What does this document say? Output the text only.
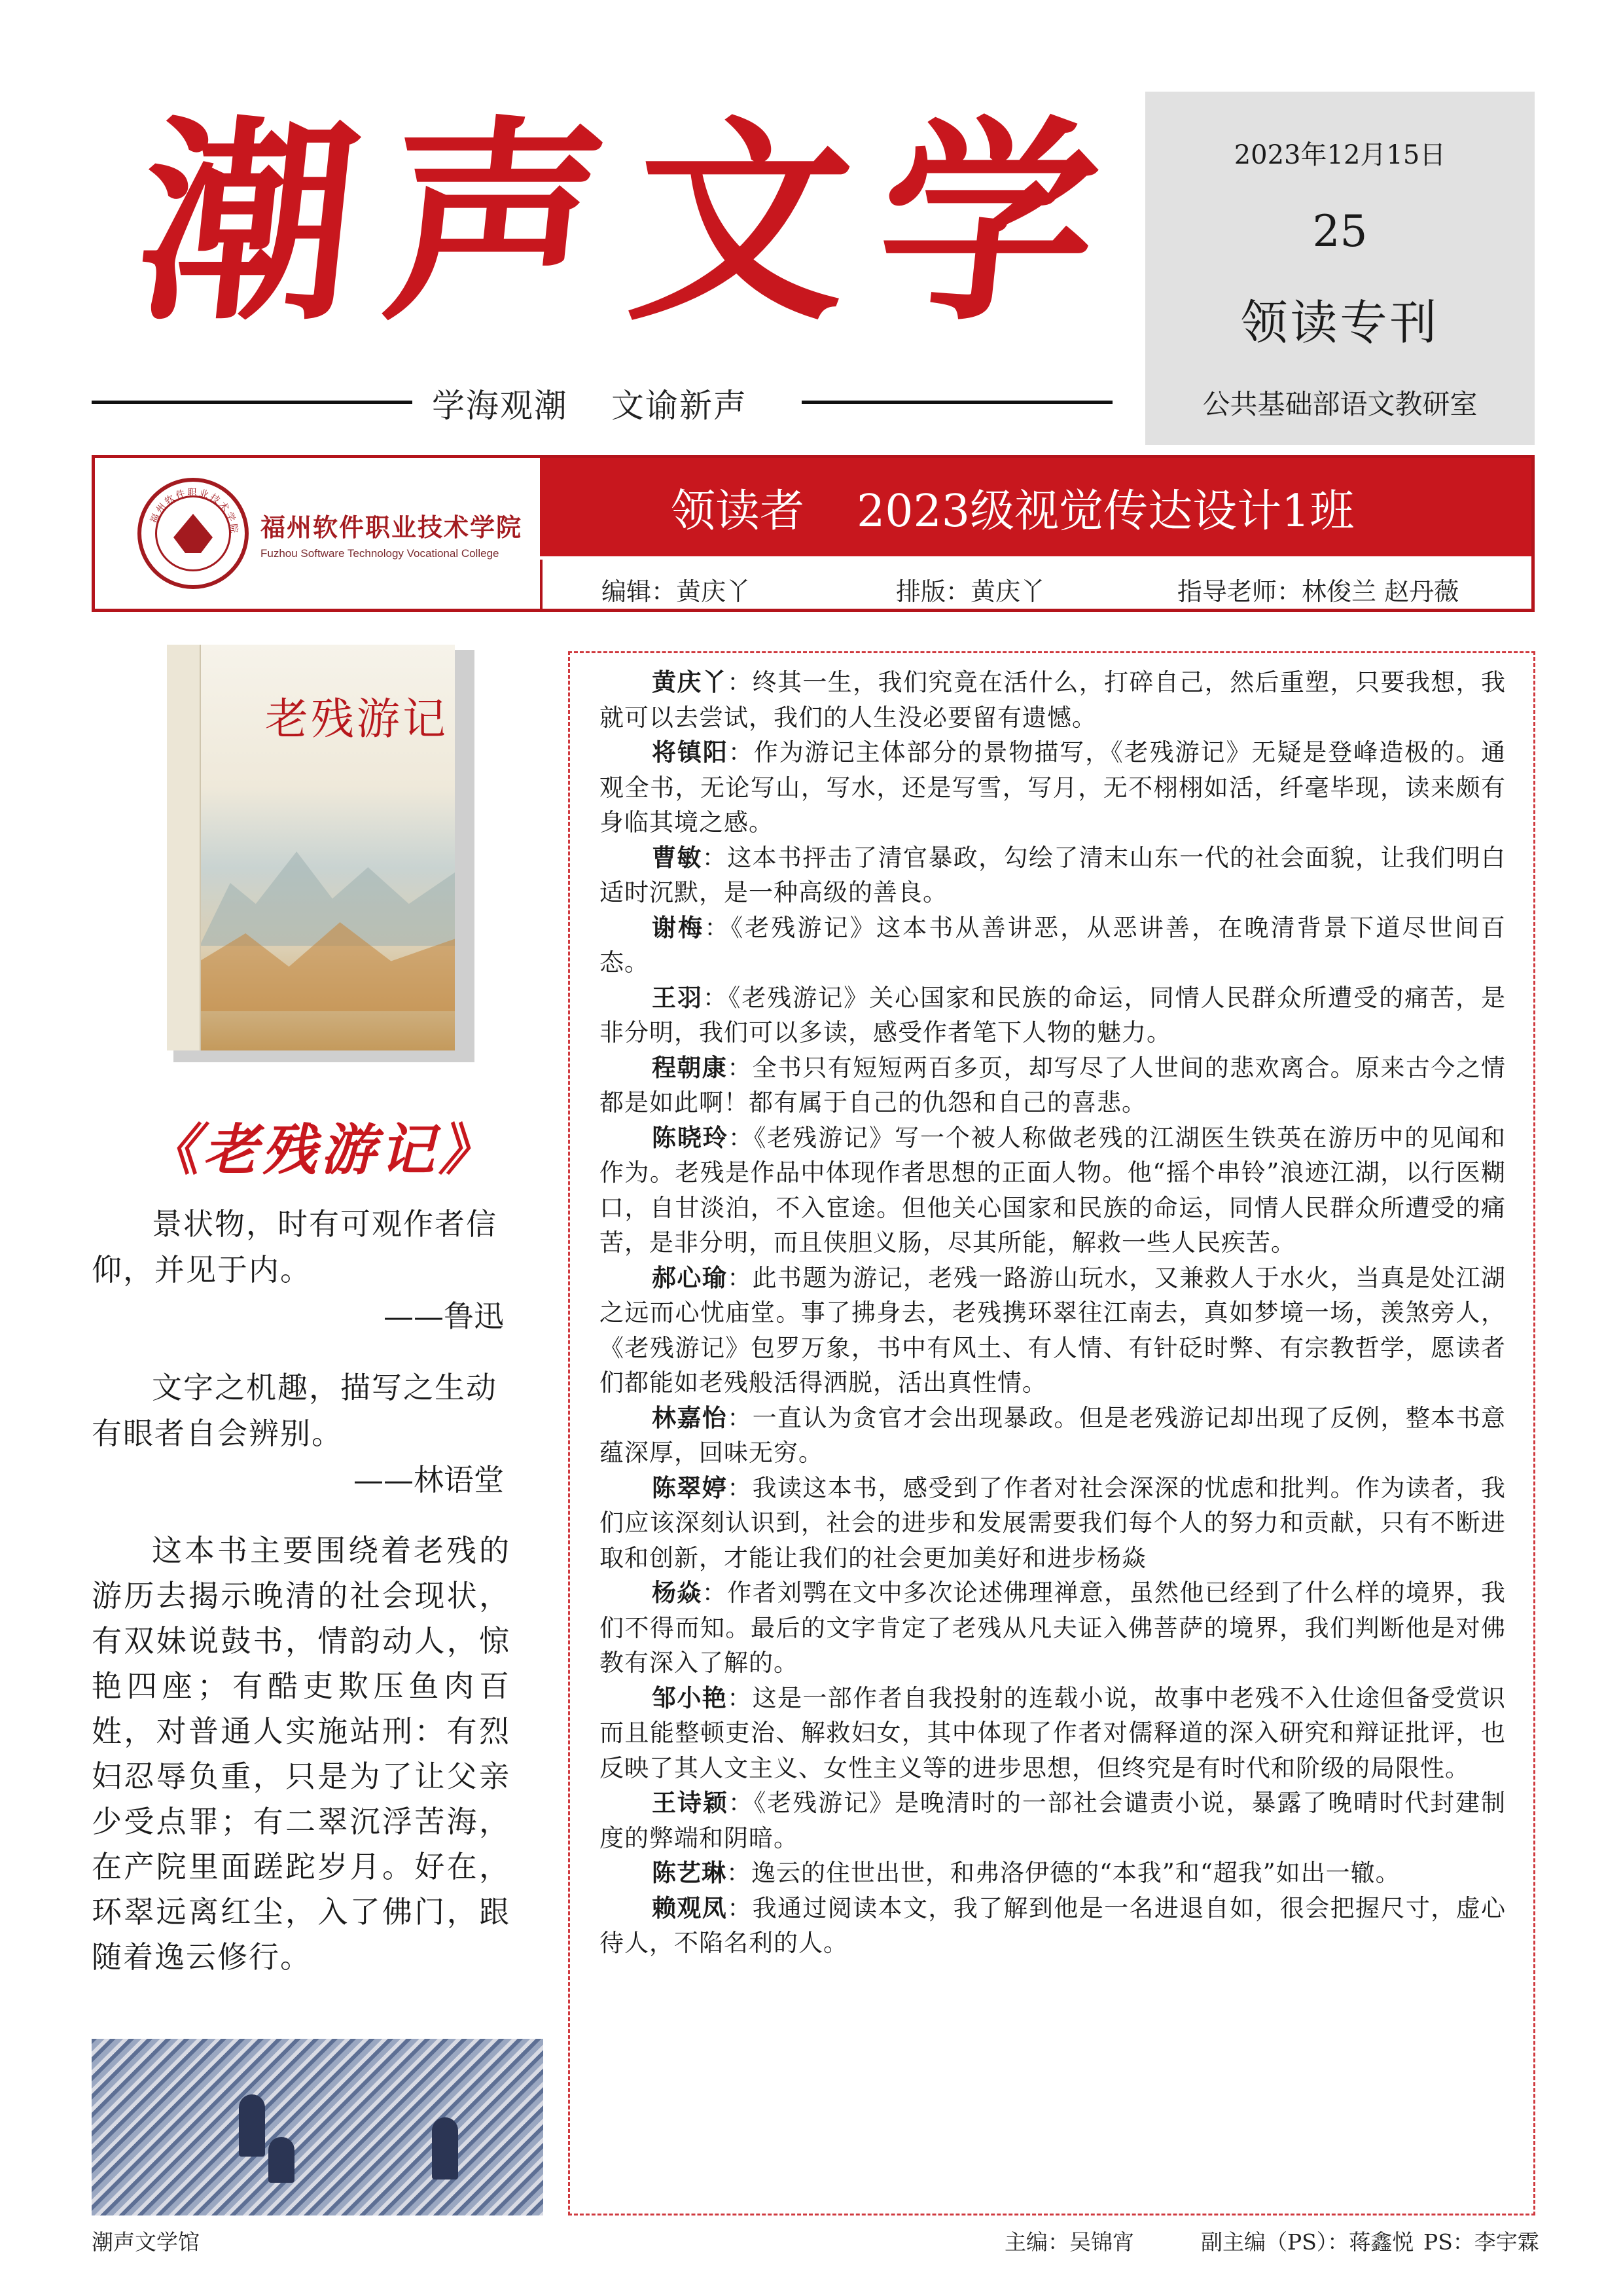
潮 声 文 学
学海观潮 文谕新声
2023年12月15日
25
领读专刊
公共基础部语文教研室
福州软件职业技术学院 福州软件职业技术学院
Fuzhou Software Technology Vocational College
领读者 2023级视觉传达设计1班
编辑：黄庆丫	排版：黄庆丫	指导老师：林俊兰 赵丹薇
老残游记
《老残游记》
景状物，时有可观作者信仰，并见于内。
——鲁迅
文字之机趣，描写之生动有眼者自会辨别。
——林语堂
这本书主要围绕着老残的游历去揭示晚清的社会现状，有双妹说鼓书，情韵动人，惊艳四座；有酷吏欺压鱼肉百姓，对普通人实施站刑：有烈妇忍辱负重，只是为了让父亲少受点罪；有二翠沉浮苦海，在产院里面蹉跎岁月。好在，环翠远离红尘，入了佛门，跟随着逸云修行。

黄庆丫：终其一生，我们究竟在活什么，打碎自己，然后重塑，只要我想，我就可以去尝试，我们的人生没必要留有遗憾。

将镇阳：作为游记主体部分的景物描写，《老残游记》无疑是登峰造极的。通观全书，无论写山，写水，还是写雪，写月，无不栩栩如活，纤毫毕现，读来颇有身临其境之感。

曹敏：这本书抨击了清官暴政，勾绘了清末山东一代的社会面貌，让我们明白适时沉默，是一种高级的善良。

谢梅：《老残游记》这本书从善讲恶，从恶讲善，在晚清背景下道尽世间百态。

王羽：《老残游记》关心国家和民族的命运，同情人民群众所遭受的痛苦，是非分明，我们可以多读，感受作者笔下人物的魅力。

程朝康：全书只有短短两百多页，却写尽了人世间的悲欢离合。原来古今之情都是如此啊！都有属于自己的仇怨和自己的喜悲。

陈晓玲：《老残游记》写一个被人称做老残的江湖医生铁英在游历中的见闻和作为。老残是作品中体现作者思想的正面人物。他“摇个串铃”浪迹江湖，以行医糊口，自甘淡泊，不入宦途。但他关心国家和民族的命运，同情人民群众所遭受的痛苦，是非分明，而且侠胆义肠，尽其所能，解救一些人民疾苦。

郝心瑜：此书题为游记，老残一路游山玩水，又兼救人于水火，当真是处江湖之远而心忧庙堂。事了拂身去，老残携环翠往江南去，真如梦境一场，羡煞旁人，《老残游记》包罗万象，书中有风土、有人情、有针砭时弊、有宗教哲学，愿读者们都能如老残般活得洒脱，活出真性情。

林嘉怡：一直认为贪官才会出现暴政。但是老残游记却出现了反例，整本书意蕴深厚，回味无穷。

陈翠婷：我读这本书，感受到了作者对社会深深的忧虑和批判。作为读者，我们应该深刻认识到，社会的进步和发展需要我们每个人的努力和贡献，只有不断进取和创新，才能让我们的社会更加美好和进步杨焱

杨焱：作者刘鹗在文中多次论述佛理禅意，虽然他已经到了什么样的境界，我们不得而知。最后的文字肯定了老残从凡夫证入佛菩萨的境界，我们判断他是对佛教有深入了解的。

邹小艳：这是一部作者自我投射的连载小说，故事中老残不入仕途但备受赏识而且能整顿吏治、解救妇女，其中体现了作者对儒释道的深入研究和辩证批评，也反映了其人文主义、女性主义等的进步思想，但终究是有时代和阶级的局限性。

王诗颖：《老残游记》是晚清时的一部社会谴责小说，暴露了晚晴时代封建制度的弊端和阴暗。

陈艺琳：逸云的住世出世，和弗洛伊德的“本我”和“超我”如出一辙。

赖观凤：我通过阅读本文，我了解到他是一名进退自如，很会把握尺寸，虚心待人，不陷名利的人。

潮声文学馆	主编：吴锦宵	副主编（PS）：蒋鑫悦 PS：李宇霖
